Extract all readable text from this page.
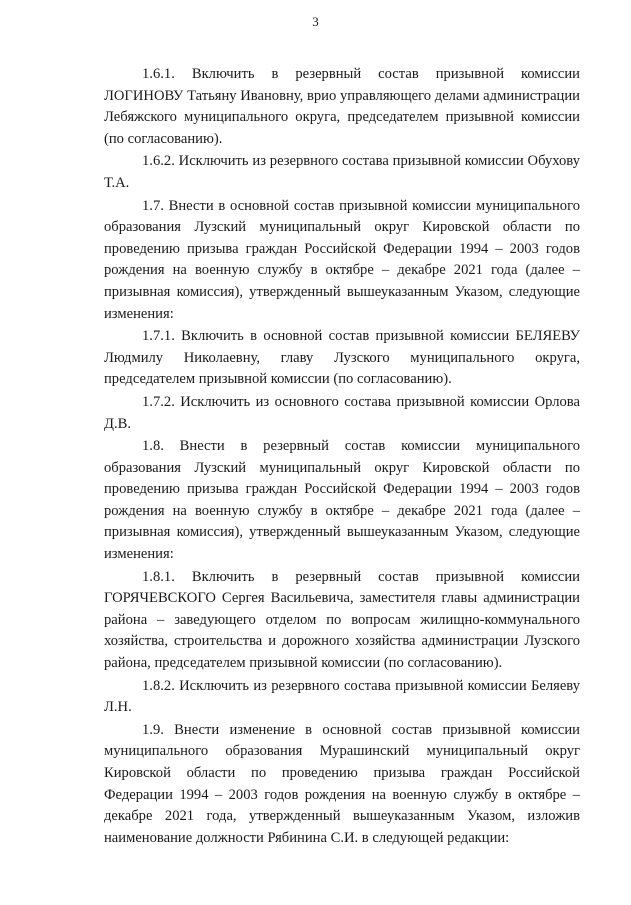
3

1.6.1. Включить в резервный состав призывной комиссии ЛОГИНОВУ Татьяну Ивановну, врио управляющего делами администрации Лебяжского муниципального округа, председателем призывной комиссии (по согласованию).

1.6.2. Исключить из резервного состава призывной комиссии Обухову Т.А.

1.7. Внести в основной состав призывной комиссии муниципального образования Лузский муниципальный округ Кировской области по проведению призыва граждан Российской Федерации 1994 – 2003 годов рождения на военную службу в октябре – декабре 2021 года (далее – призывная комиссия), утвержденный вышеуказанным Указом, следующие изменения:

1.7.1. Включить в основной состав призывной комиссии БЕЛЯЕВУ Людмилу Николаевну, главу Лузского муниципального округа, председателем призывной комиссии (по согласованию).

1.7.2. Исключить из основного состава призывной комиссии Орлова Д.В.

1.8. Внести в резервный состав комиссии муниципального образования Лузский муниципальный округ Кировской области по проведению призыва граждан Российской Федерации 1994 – 2003 годов рождения на военную службу в октябре – декабре 2021 года (далее – призывная комиссия), утвержденный вышеуказанным Указом, следующие изменения:

1.8.1. Включить в резервный состав призывной комиссии ГОРЯЧЕВСКОГО Сергея Васильевича, заместителя главы администрации района – заведующего отделом по вопросам жилищно-коммунального хозяйства, строительства и дорожного хозяйства администрации Лузского района, председателем призывной комиссии (по согласованию).

1.8.2. Исключить из резервного состава призывной комиссии Беляеву Л.Н.

1.9. Внести изменение в основной состав призывной комиссии муниципального образования Мурашинский муниципальный округ Кировской области по проведению призыва граждан Российской Федерации 1994 – 2003 годов рождения на военную службу в октябре – декабре 2021 года, утвержденный вышеуказанным Указом, изложив наименование должности Рябинина С.И. в следующей редакции:
